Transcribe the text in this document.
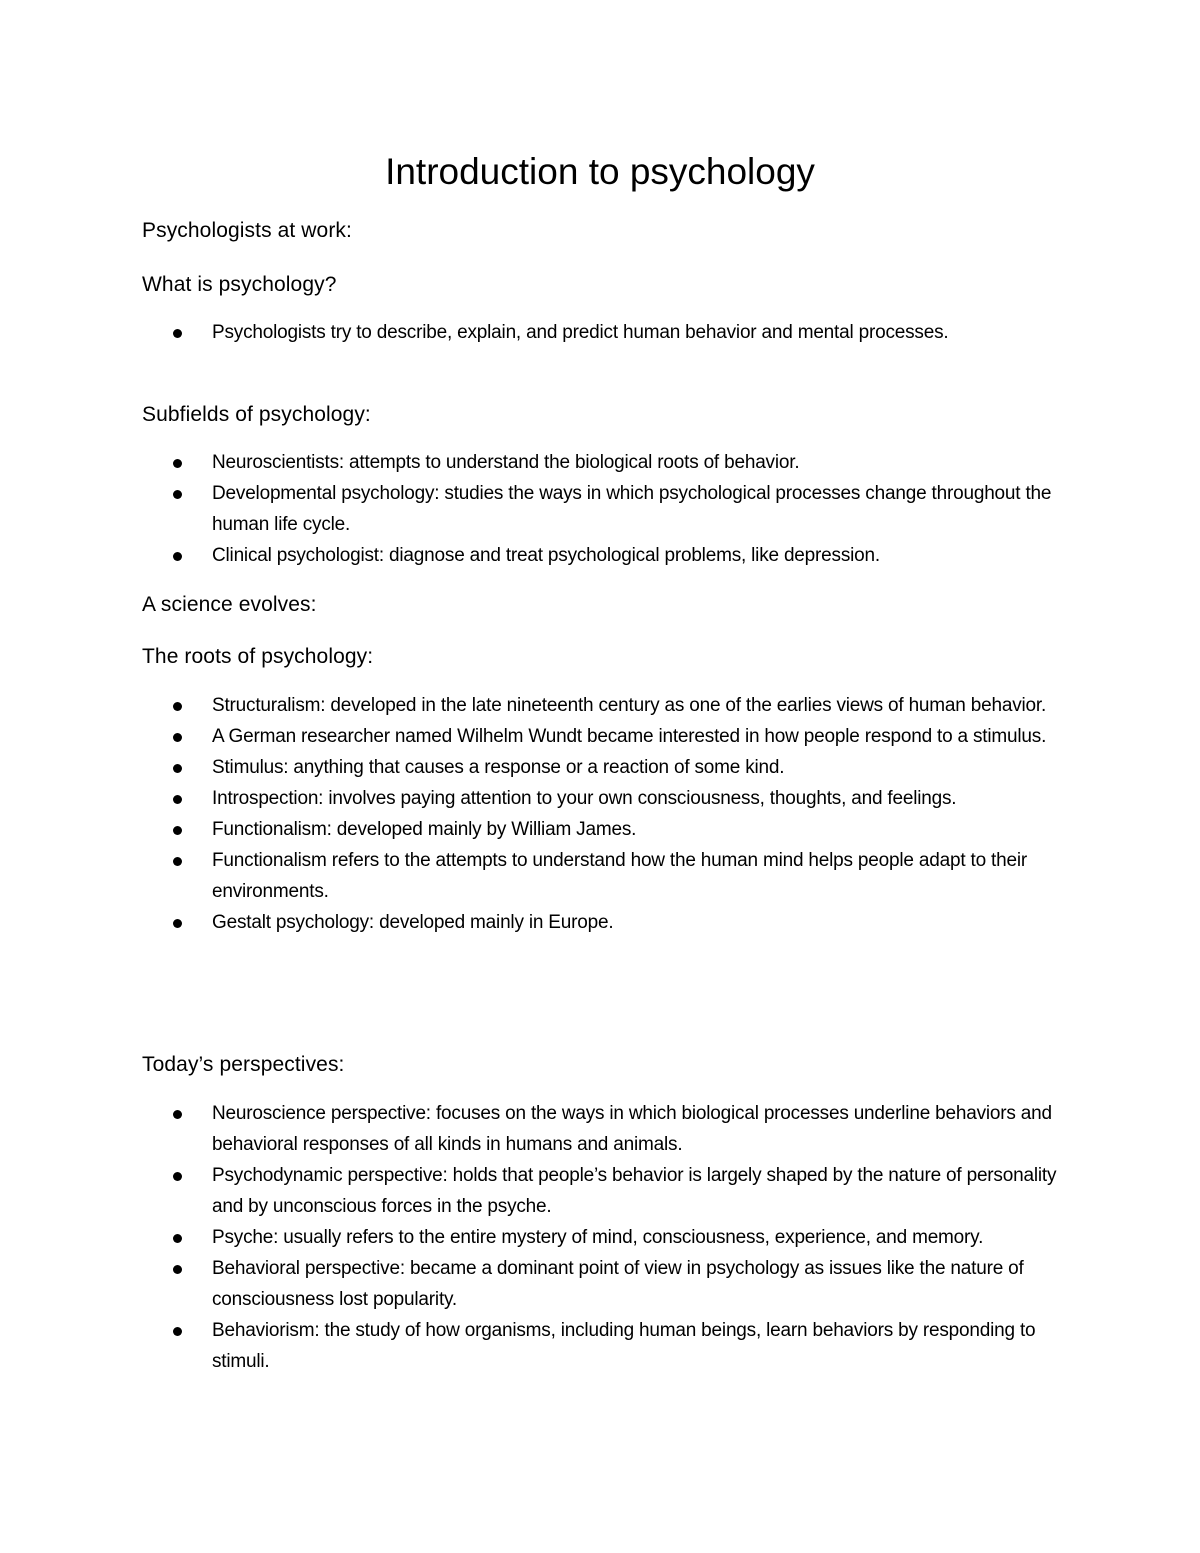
Introduction to psychology
Psychologists at work:
What is psychology?
Psychologists try to describe, explain, and predict human behavior and mental processes.
Subfields of psychology:
Neuroscientists: attempts to understand the biological roots of behavior.
Developmental psychology: studies the ways in which psychological processes change throughout the human life cycle.
Clinical psychologist: diagnose and treat psychological problems, like depression.
A science evolves:
The roots of psychology:
Structuralism: developed in the late nineteenth century as one of the earlies views of human behavior.
A German researcher named Wilhelm Wundt became interested in how people respond to a stimulus.
Stimulus: anything that causes a response or a reaction of some kind.
Introspection: involves paying attention to your own consciousness, thoughts, and feelings.
Functionalism: developed mainly by William James.
Functionalism refers to the attempts to understand how the human mind helps people adapt to their environments.
Gestalt psychology: developed mainly in Europe.
Today’s perspectives:
Neuroscience perspective: focuses on the ways in which biological processes underline behaviors and behavioral responses of all kinds in humans and animals.
Psychodynamic perspective: holds that people’s behavior is largely shaped by the nature of personality and by unconscious forces in the psyche.
Psyche: usually refers to the entire mystery of mind, consciousness, experience, and memory.
Behavioral perspective: became a dominant point of view in psychology as issues like the nature of consciousness lost popularity.
Behaviorism: the study of how organisms, including human beings, learn behaviors by responding to stimuli.
